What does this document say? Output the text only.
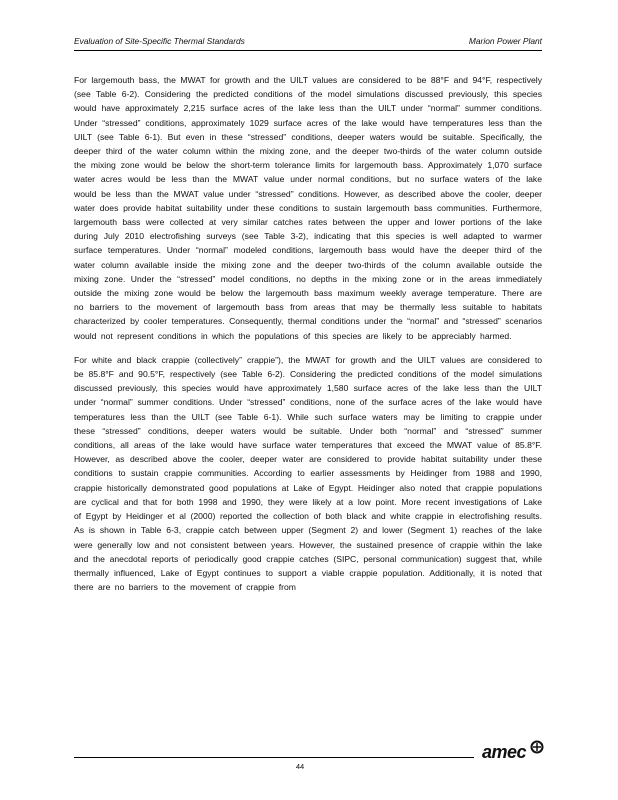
Evaluation of Site-Specific Thermal Standards	Marion Power Plant

For largemouth bass, the MWAT for growth and the UILT values are considered to be 88°F and 94°F, respectively (see Table 6-2). Considering the predicted conditions of the model simulations discussed previously, this species would have approximately 2,215 surface acres of the lake less than the UILT under “normal” summer conditions. Under “stressed” conditions, approximately 1029 surface acres of the lake would have temperatures less than the UILT (see Table 6-1). But even in these “stressed” conditions, deeper waters would be suitable. Specifically, the deeper third of the water column within the mixing zone, and the deeper two-thirds of the water column outside the mixing zone would be below the short-term tolerance limits for largemouth bass. Approximately 1,070 surface water acres would be less than the MWAT value under normal conditions, but no surface waters of the lake would be less than the MWAT value under “stressed” conditions. However, as described above the cooler, deeper water does provide habitat suitability under these conditions to sustain largemouth bass communities. Furthermore, largemouth bass were collected at very similar catches rates between the upper and lower portions of the lake during July 2010 electrofishing surveys (see Table 3-2), indicating that this species is well adapted to warmer surface temperatures. Under “normal” modeled conditions, largemouth bass would have the deeper third of the water column available inside the mixing zone and the deeper two-thirds of the column available outside the mixing zone. Under the “stressed” model conditions, no depths in the mixing zone or in the areas immediately outside the mixing zone would be below the largemouth bass maximum weekly average temperature. There are no barriers to the movement of largemouth bass from areas that may be thermally less suitable to habitats characterized by cooler temperatures. Consequently, thermal conditions under the “normal” and “stressed” scenarios would not represent conditions in which the populations of this species are likely to be appreciably harmed.

For white and black crappie (collectively” crappie”), the MWAT for growth and the UILT values are considered to be 85.8°F and 90.5°F, respectively (see Table 6-2). Considering the predicted conditions of the model simulations discussed previously, this species would have approximately 1,580 surface acres of the lake less than the UILT under “normal” summer conditions. Under “stressed” conditions, none of the surface acres of the lake would have temperatures less than the UILT (see Table 6-1). While such surface waters may be limiting to crappie under these “stressed” conditions, deeper waters would be suitable. Under both “normal” and “stressed” summer conditions, all areas of the lake would have surface water temperatures that exceed the MWAT value of 85.8°F. However, as described above the cooler, deeper water are considered to provide habitat suitability under these conditions to sustain crappie communities. According to earlier assessments by Heidinger from 1988 and 1990, crappie historically demonstrated good populations at Lake of Egypt. Heidinger also noted that crappie populations are cyclical and that for both 1998 and 1990, they were likely at a low point. More recent investigations of Lake of Egypt by Heidinger et al (2000) reported the collection of both black and white crappie in electrofishing results. As is shown in Table 6-3, crappie catch between upper (Segment 2) and lower (Segment 1) reaches of the lake were generally low and not consistent between years. However, the sustained presence of crappie within the lake and the anecdotal reports of periodically good crappie catches (SIPC, personal communication) suggest that, while thermally influenced, Lake of Egypt continues to support a viable crappie population. Additionally, it is noted that there are no barriers to the movement of crappie from

44
amec
